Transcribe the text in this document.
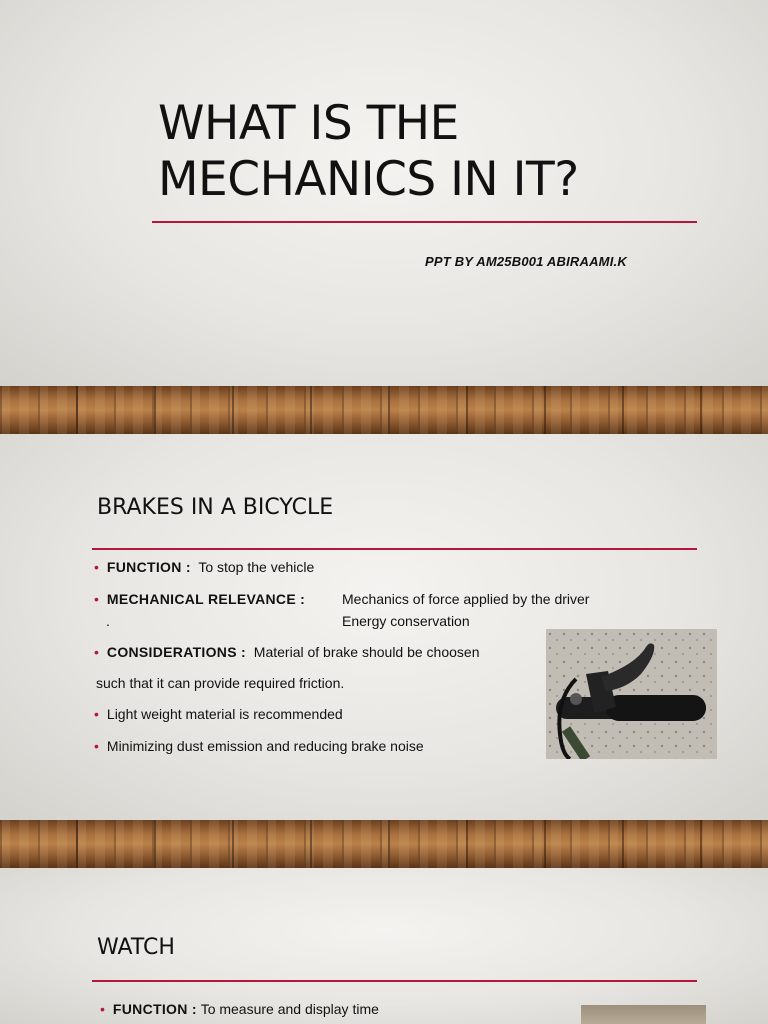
WHAT IS THE
MECHANICS IN IT?
PPT BY AM25B001 ABIRAAMI.K
BRAKES IN A BICYCLE
• FUNCTION : To stop the vehicle
• MECHANICAL RELEVANCE :	Mechanics of force applied by the driver
.	Energy conservation
• CONSIDERATIONS : Material of brake should be choosen
such that it can provide required friction.
• Light weight material is recommended
• Minimizing dust emission and reducing brake noise
WATCH
• FUNCTION : To measure and display time
